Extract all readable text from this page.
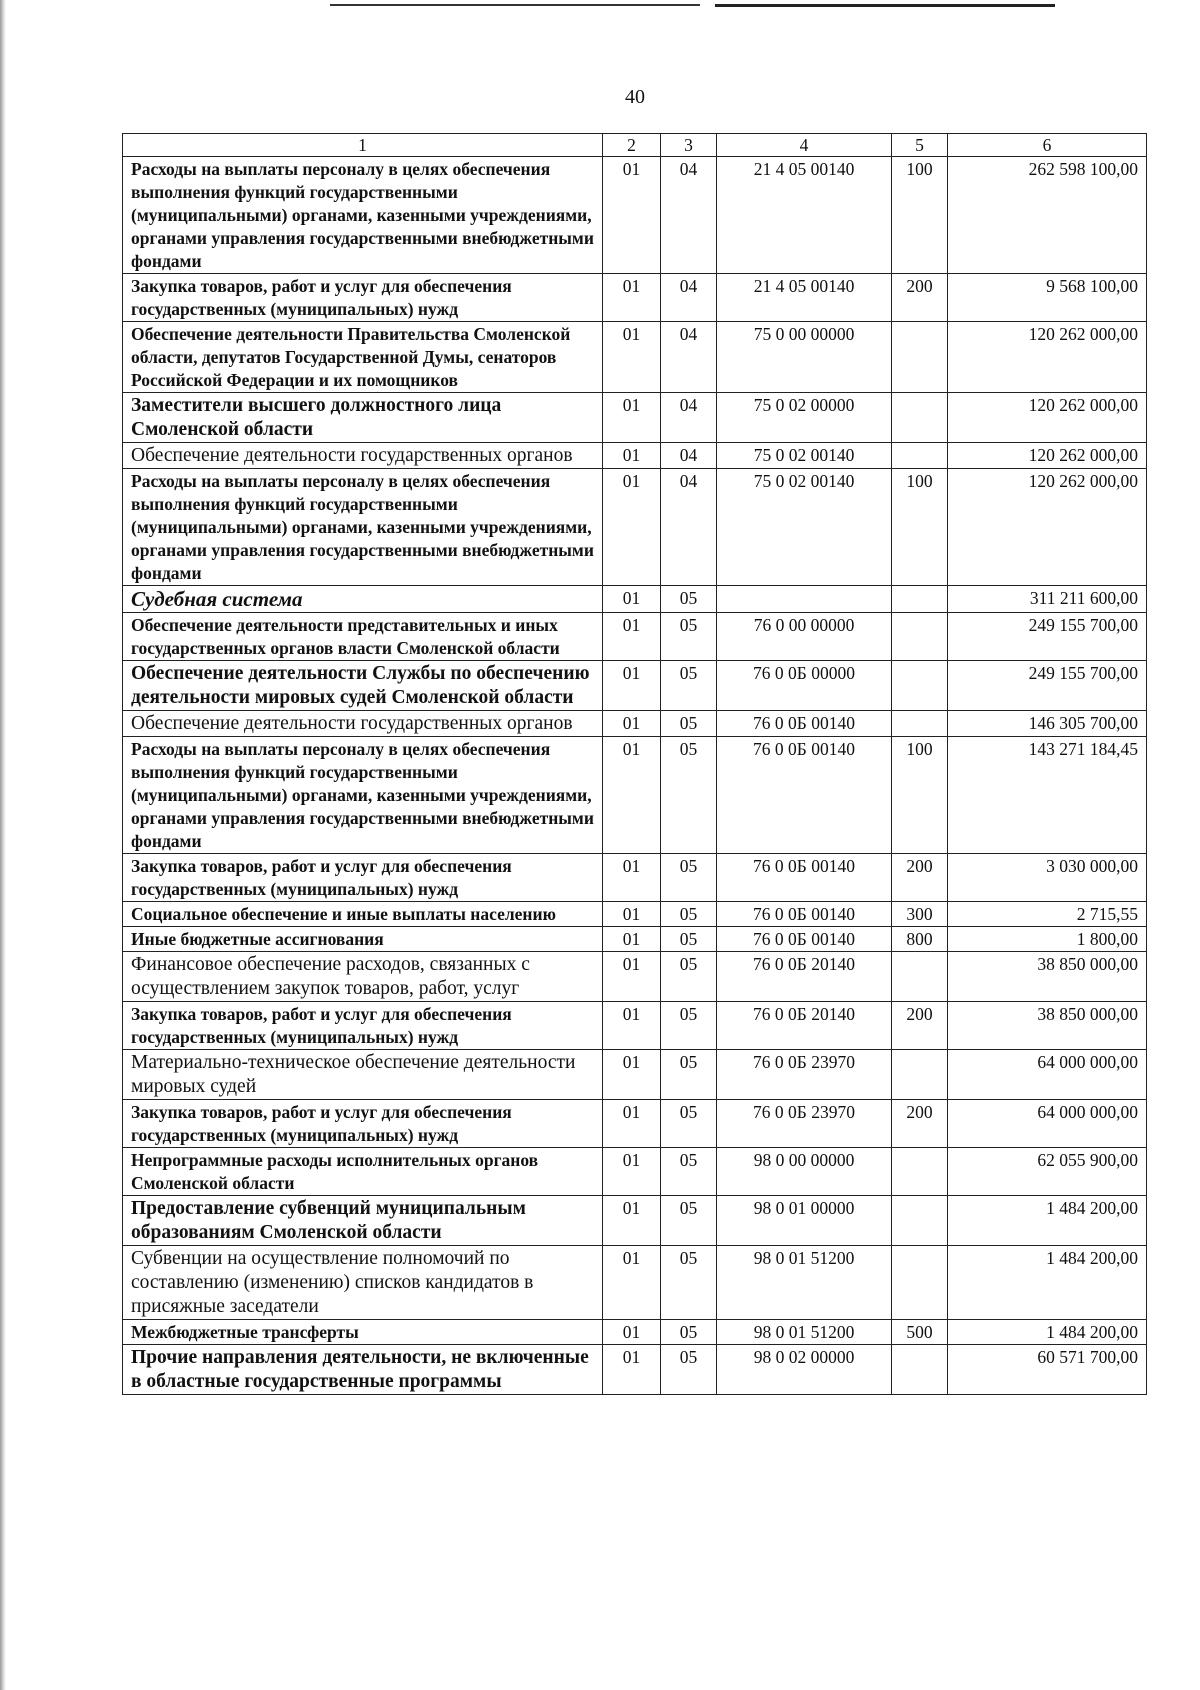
40
1	2	3	4	5	6
Расходы на выплаты персоналу в целях обеспечения выполнения функций государственными (муниципальными) органами, казенными учреждениями, органами управления государственными внебюджетными фондами	01	04	21 4 05 00140	100	262 598 100,00
Закупка товаров, работ и услуг для обеспечения государственных (муниципальных) нужд	01	04	21 4 05 00140	200	9 568 100,00
Обеспечение деятельности Правительства Смоленской области, депутатов Государственной Думы, сенаторов Российской Федерации и их помощников	01	04	75 0 00 00000		120 262 000,00
Заместители высшего должностного лица Смоленской области	01	04	75 0 02 00000		120 262 000,00
Обеспечение деятельности государственных органов	01	04	75 0 02 00140		120 262 000,00
Расходы на выплаты персоналу в целях обеспечения выполнения функций государственными (муниципальными) органами, казенными учреждениями, органами управления государственными внебюджетными фондами	01	04	75 0 02 00140	100	120 262 000,00
Судебная система	01	05			311 211 600,00
Обеспечение деятельности представительных и иных государственных органов власти Смоленской области	01	05	76 0 00 00000		249 155 700,00
Обеспечение деятельности Службы по обеспечению деятельности мировых судей Смоленской области	01	05	76 0 0Б 00000		249 155 700,00
Обеспечение деятельности государственных органов	01	05	76 0 0Б 00140		146 305 700,00
Расходы на выплаты персоналу в целях обеспечения выполнения функций государственными (муниципальными) органами, казенными учреждениями, органами управления государственными внебюджетными фондами	01	05	76 0 0Б 00140	100	143 271 184,45
Закупка товаров, работ и услуг для обеспечения государственных (муниципальных) нужд	01	05	76 0 0Б 00140	200	3 030 000,00
Социальное обеспечение и иные выплаты населению	01	05	76 0 0Б 00140	300	2 715,55
Иные бюджетные ассигнования	01	05	76 0 0Б 00140	800	1 800,00
Финансовое обеспечение расходов, связанных с осуществлением закупок товаров, работ, услуг	01	05	76 0 0Б 20140		38 850 000,00
Закупка товаров, работ и услуг для обеспечения государственных (муниципальных) нужд	01	05	76 0 0Б 20140	200	38 850 000,00
Материально-техническое обеспечение деятельности мировых судей	01	05	76 0 0Б 23970		64 000 000,00
Закупка товаров, работ и услуг для обеспечения государственных (муниципальных) нужд	01	05	76 0 0Б 23970	200	64 000 000,00
Непрограммные расходы исполнительных органов Смоленской области	01	05	98 0 00 00000		62 055 900,00
Предоставление субвенций муниципальным образованиям Смоленской области	01	05	98 0 01 00000		1 484 200,00
Субвенции на осуществление полномочий по составлению (изменению) списков кандидатов в присяжные заседатели	01	05	98 0 01 51200		1 484 200,00
Межбюджетные трансферты	01	05	98 0 01 51200	500	1 484 200,00
Прочие направления деятельности, не включенные в областные государственные программы	01	05	98 0 02 00000		60 571 700,00
